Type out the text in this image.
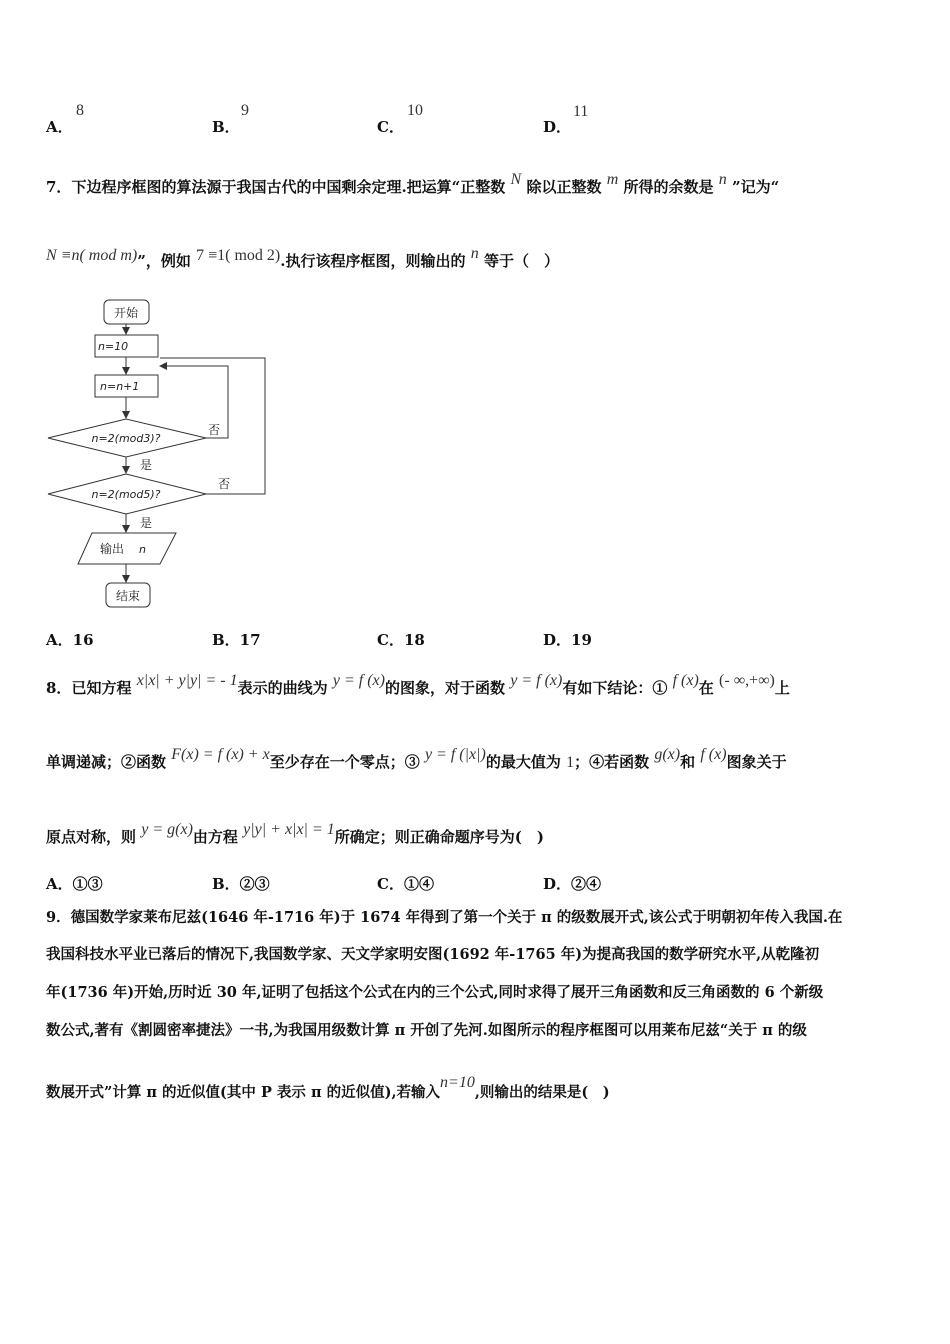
A．
8
B．
9
C．
10
D．
11
7．下边程序框图的算法源于我国古代的中国剩余定理.把运算“正整数 N 除以正整数 m 所得的余数是 n ”记为“
N ≡n( mod m)”，例如 7 ≡1( mod 2).执行该程序框图，则输出的 n 等于（　）
开始
n=10
n=n+1
n=2(mod3)?
否
是
n=2(mod5)?
否
是
输出 n
结束
A．16	B．17	C．18	D．19
8．已知方程 x|x| + y|y| = - 1表示的曲线为 y = f (x)的图象，对于函数 y = f (x)有如下结论：① f (x)在 (- ∞,+∞)上
单调递减；②函数 F(x) = f (x) + x至少存在一个零点；③ y = f (|x|)的最大值为 1；④若函数 g(x)和 f (x)图象关于
原点对称，则 y = g(x)由方程 y|y| + x|x| = 1所确定；则正确命题序号为(　)
A．①③	B．②③	C．①④	D．②④
9．德国数学家莱布尼兹(1646 年-1716 年)于 1674 年得到了第一个关于 π 的级数展开式,该公式于明朝初年传入我国.在
我国科技水平业已落后的情况下,我国数学家、天文学家明安图(1692 年-1765 年)为提高我国的数学研究水平,从乾隆初
年(1736 年)开始,历时近 30 年,证明了包括这个公式在内的三个公式,同时求得了展开三角函数和反三角函数的 6 个新级
数公式,著有《割圆密率捷法》一书,为我国用级数计算 π 开创了先河.如图所示的程序框图可以用莱布尼兹“关于 π 的级
数展开式”计算 π 的近似值(其中 P 表示 π 的近似值),若输入n=10,则输出的结果是(　)
